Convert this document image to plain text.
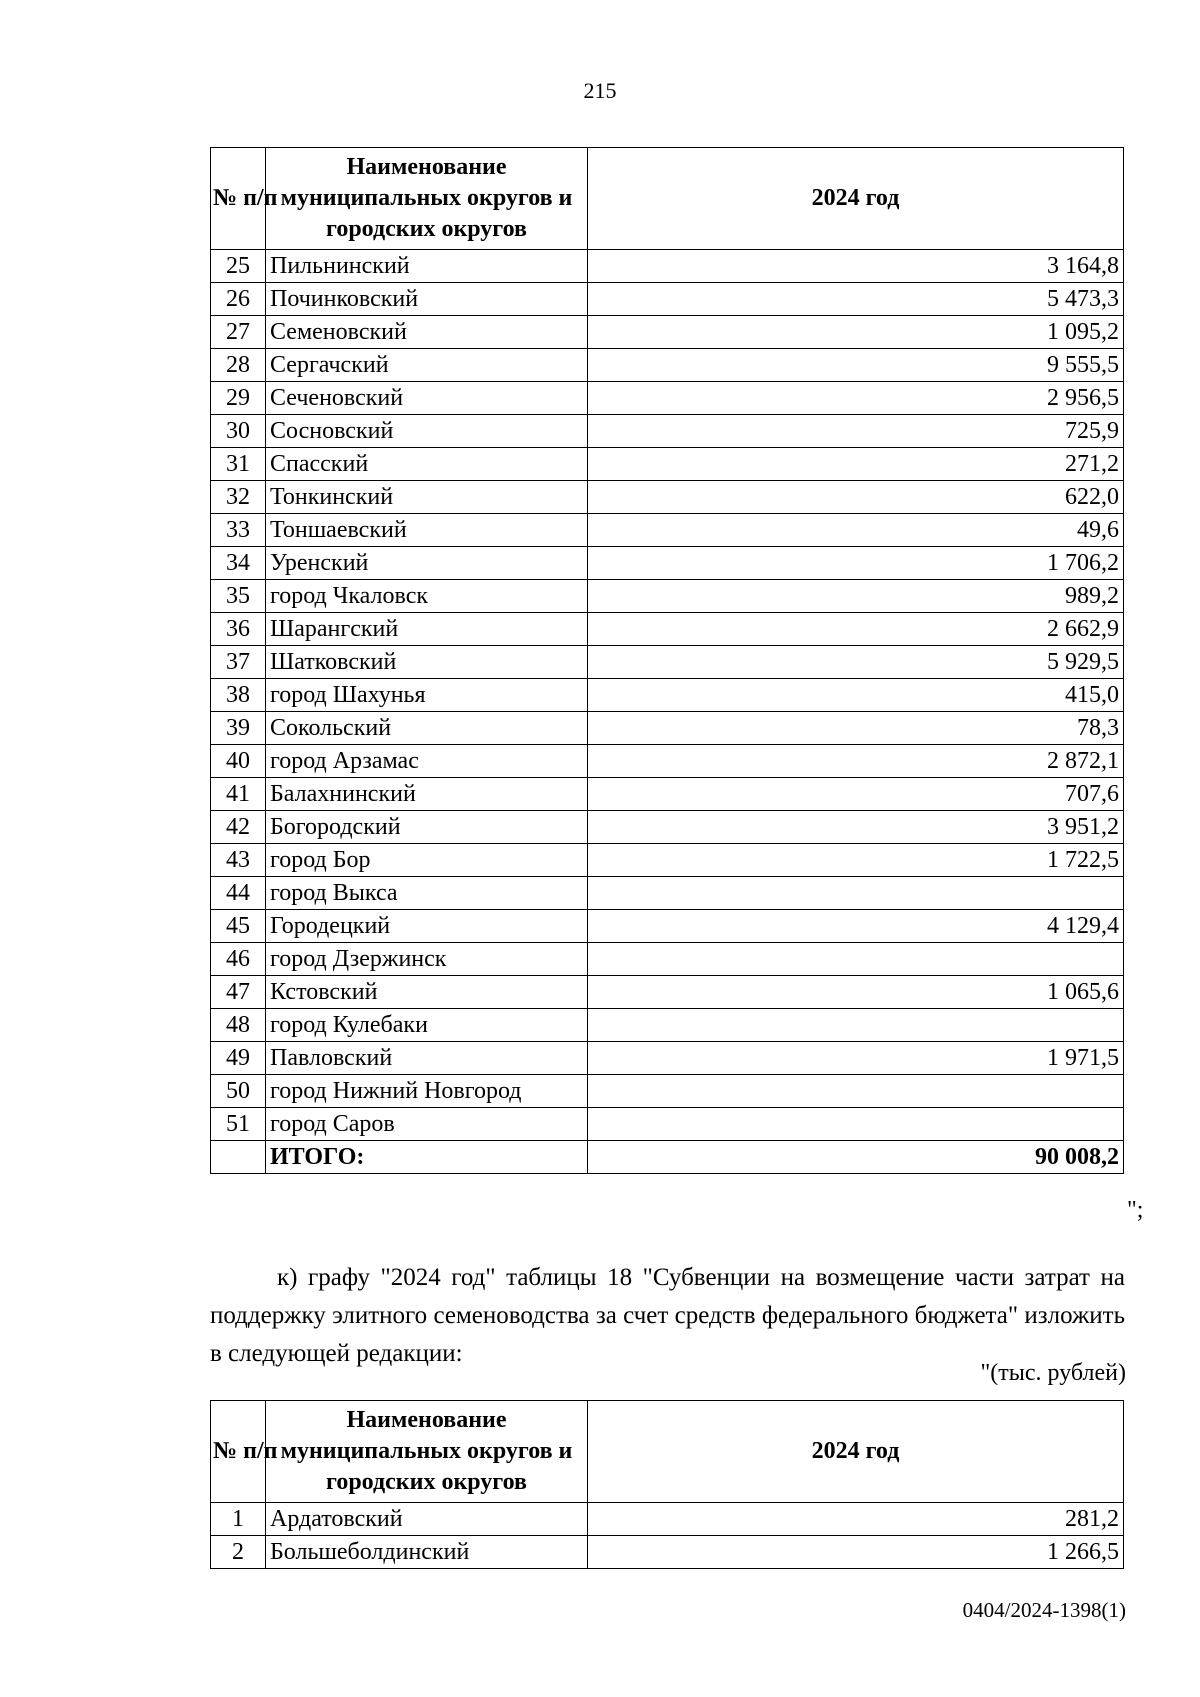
215
№ п/п	Наименование муниципальных округов и городских округов	2024 год
25	Пильнинский	3 164,8
26	Починковский	5 473,3
27	Семеновский	1 095,2
28	Сергачский	9 555,5
29	Сеченовский	2 956,5
30	Сосновский	725,9
31	Спасский	271,2
32	Тонкинский	622,0
33	Тоншаевский	49,6
34	Уренский	1 706,2
35	город Чкаловск	989,2
36	Шарангский	2 662,9
37	Шатковский	5 929,5
38	город Шахунья	415,0
39	Сокольский	78,3
40	город Арзамас	2 872,1
41	Балахнинский	707,6
42	Богородский	3 951,2
43	город Бор	1 722,5
44	город Выкса	
45	Городецкий	4 129,4
46	город Дзержинск	
47	Кстовский	1 065,6
48	город Кулебаки	
49	Павловский	1 971,5
50	город Нижний Новгород	
51	город Саров	
	ИТОГО:	90 008,2
";
к) графу "2024 год" таблицы 18 "Субвенции на возмещение части затрат на поддержку элитного семеноводства за счет средств федерального бюджета" изложить в следующей редакции:
"(тыс. рублей)
№ п/п	Наименование муниципальных округов и городских округов	2024 год
1	Ардатовский	281,2
2	Большеболдинский	1 266,5
0404/2024-1398(1)
